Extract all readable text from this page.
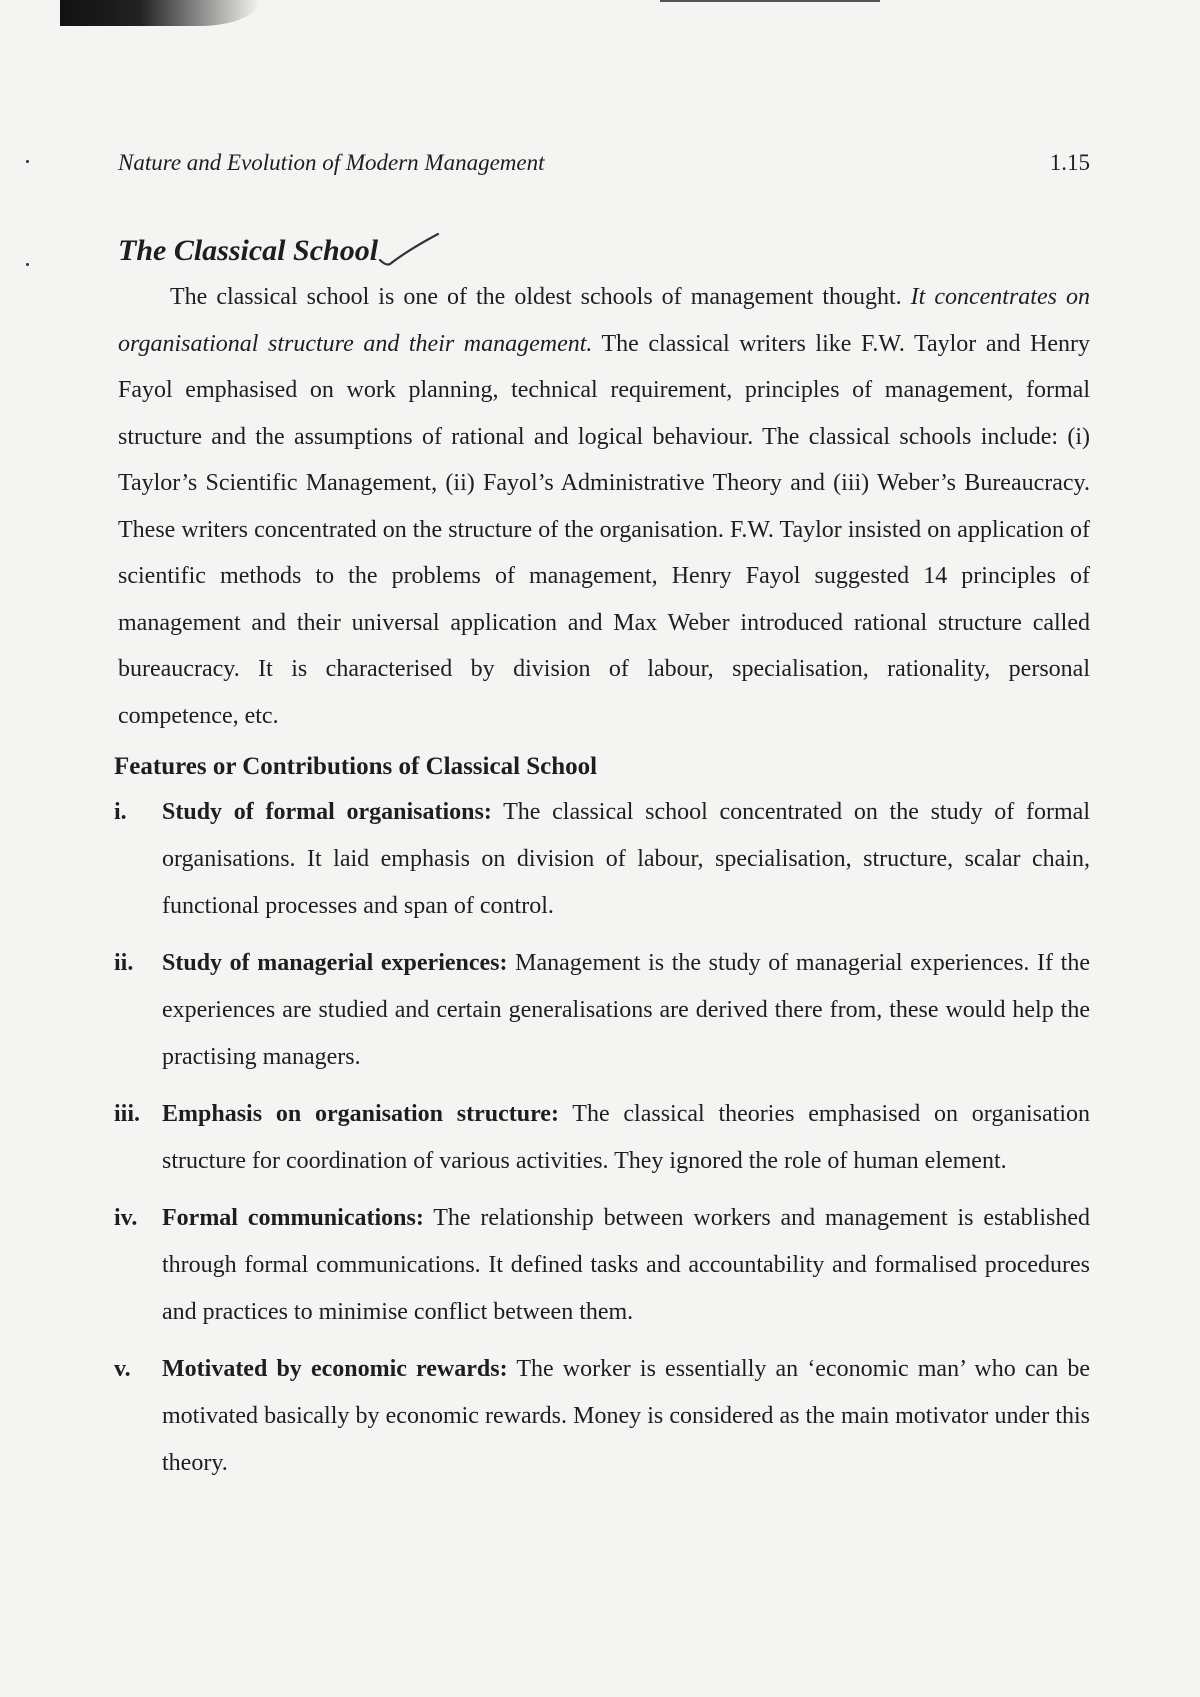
Nature and Evolution of Modern Management	1.15
The Classical School

The classical school is one of the oldest schools of management thought. It concentrates on organisational structure and their management. The classical writers like F.W. Taylor and Henry Fayol emphasised on work planning, technical requirement, principles of management, formal structure and the assumptions of rational and logical behaviour. The classical schools include: (i) Taylor’s Scientific Management, (ii) Fayol’s Administrative Theory and (iii) Weber’s Bureaucracy. These writers concentrated on the structure of the organisation. F.W. Taylor insisted on application of scientific methods to the problems of management, Henry Fayol suggested 14 principles of management and their universal application and Max Weber introduced rational structure called bureaucracy. It is characterised by division of labour, specialisation, rationality, personal competence, etc.

Features or Contributions of Classical School
i.	Study of formal organisations: The classical school concentrated on the study of formal organisations. It laid emphasis on division of labour, specialisation, structure, scalar chain, functional processes and span of control.
ii.	Study of managerial experiences: Management is the study of managerial experiences. If the experiences are studied and certain generalisations are derived there from, these would help the practising managers.
iii. Emphasis on organisation structure: The classical theories emphasised on organisation structure for coordination of various activities. They ignored the role of human element.
iv.	Formal communications: The relationship between workers and management is established through formal communications. It defined tasks and accountability and formalised procedures and practices to minimise conflict between them.
v.	Motivated by economic rewards: The worker is essentially an ‘economic man’ who can be motivated basically by economic rewards. Money is considered as the main motivator under this theory.
